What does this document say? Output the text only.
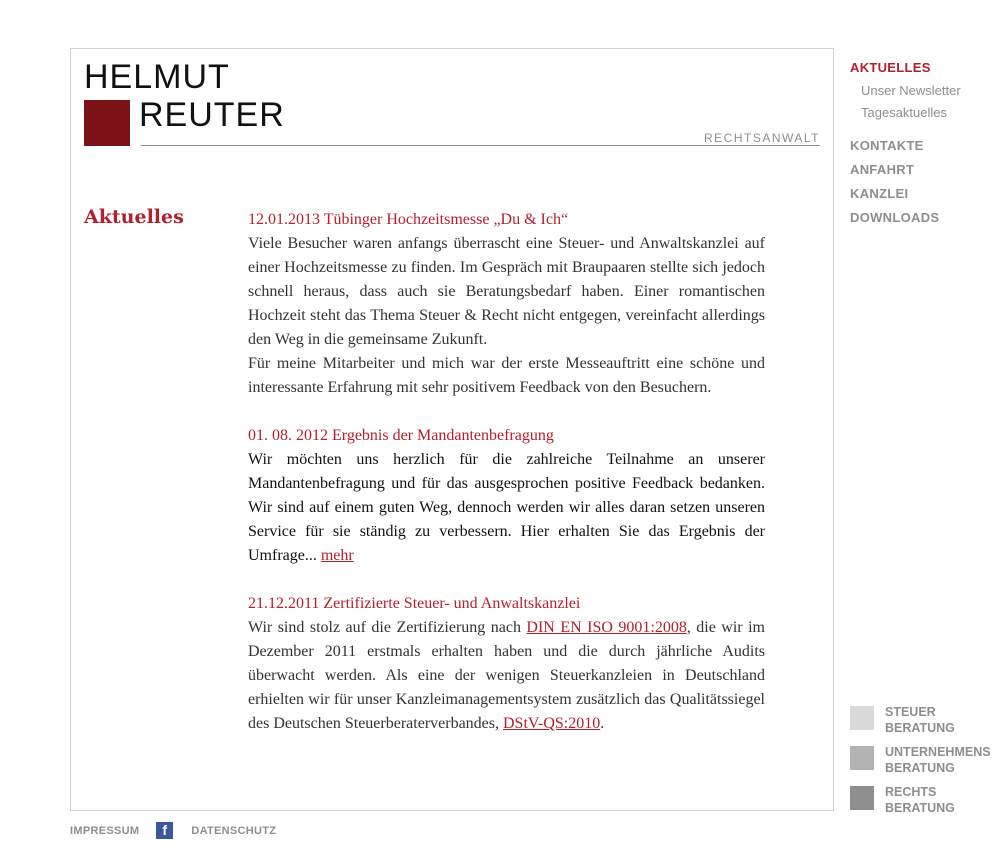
HELMUT
REUTER
RECHTSANWALT
Aktuelles	12.01.2013 Tübinger Hochzeitsmesse „Du & Ich“

Viele Besucher waren anfangs überrascht eine Steuer- und Anwaltskanzlei auf einer Hochzeitsmesse zu finden. Im Gespräch mit Braupaaren stellte sich jedoch schnell heraus, dass auch sie Beratungsbedarf haben. Einer romantischen Hochzeit steht das Thema Steuer & Recht nicht entgegen, vereinfacht allerdings den Weg in die gemeinsame Zukunft.

Für meine Mitarbeiter und mich war der erste Messeauftritt eine schöne und interessante Erfahrung mit sehr positivem Feedback von den Besuchern.

01. 08. 2012 Ergebnis der Mandantenbefragung

Wir möchten uns herzlich für die zahlreiche Teilnahme an unserer Mandantenbefragung und für das ausgesprochen positive Feedback bedanken. Wir sind auf einem guten Weg, dennoch werden wir alles daran setzen unseren Service für sie ständig zu verbessern. Hier erhalten Sie das Ergebnis der Umfrage... mehr

21.12.2011 Zertifizierte Steuer- und Anwaltskanzlei

Wir sind stolz auf die Zertifizierung nach DIN EN ISO 9001:2008, die wir im Dezember 2011 erstmals erhalten haben und die durch jährliche Audits überwacht werden. Als eine der wenigen Steuerkanzleien in Deutschland erhielten wir für unser Kanzleimanagementsystem zusätzlich das Qualitätssiegel des Deutschen Steuerberaterverbandes, DStV-QS:2010.

AKTUELLES
Unser Newsletter
Tagesaktuelles
KONTAKTE
ANFAHRT
KANZLEI
DOWNLOADS
STEUER
BERATUNG
UNTERNEHMENS
BERATUNG
RECHTS
BERATUNG
IMPRESSUM	f	DATENSCHUTZ
